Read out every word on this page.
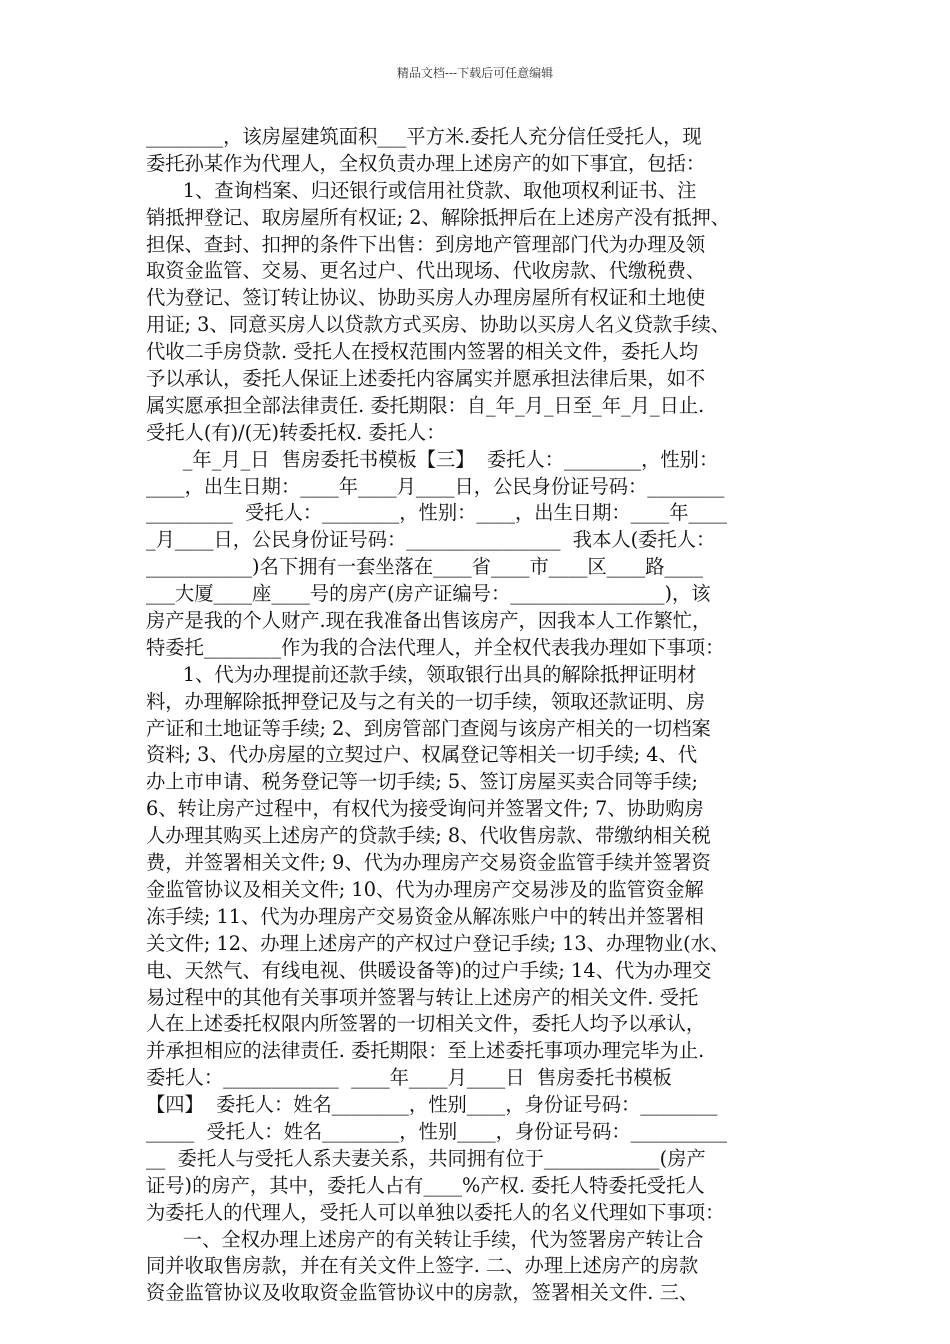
精品文档---下载后可任意编辑
________，该房屋建筑面积___平方米.委托人充分信任受托人，现
委托孙某作为代理人，全权负责办理上述房产的如下事宜，包括：
1、查询档案、归还银行或信用社贷款、取他项权利证书、注
销抵押登记、取房屋所有权证; 2、解除抵押后在上述房产没有抵押、
担保、查封、扣押的条件下出售：到房地产管理部门代为办理及领
取资金监管、交易、更名过户、代出现场、代收房款、代缴税费、
代为登记、签订转让协议、协助买房人办理房屋所有权证和土地使
用证; 3、同意买房人以贷款方式买房、协助以买房人名义贷款手续、
代收二手房贷款. 受托人在授权范围内签署的相关文件，委托人均
予以承认，委托人保证上述委托内容属实并愿承担法律后果，如不
属实愿承担全部法律责任. 委托期限：自_年_月_日至_年_月_日止.
受托人(有)/(无)转委托权. 委托人：
_年_月_日  售房委托书模板【三】  委托人：________，性别：
____，出生日期：____年____月____日，公民身份证号码：________
_________  受托人：________，性别：____，出生日期：____年____
_月____日，公民身份证号码：________________  我本人(委托人：
___________)名下拥有一套坐落在____省____市____区____路____
___大厦____座____号的房产(房产证编号：________________)，该
房产是我的个人财产.现在我准备出售该房产，因我本人工作繁忙，
特委托________作为我的合法代理人，并全权代表我办理如下事项：
1、代为办理提前还款手续，领取银行出具的解除抵押证明材
料，办理解除抵押登记及与之有关的一切手续，领取还款证明、房
产证和土地证等手续; 2、到房管部门查阅与该房产相关的一切档案
资料; 3、代办房屋的立契过户、权属登记等相关一切手续; 4、代
办上市申请、税务登记等一切手续; 5、签订房屋买卖合同等手续;
6、转让房产过程中，有权代为接受询问并签署文件; 7、协助购房
人办理其购买上述房产的贷款手续; 8、代收售房款、带缴纳相关税
费，并签署相关文件; 9、代为办理房产交易资金监管手续并签署资
金监管协议及相关文件; 10、代为办理房产交易涉及的监管资金解
冻手续; 11、代为办理房产交易资金从解冻账户中的转出并签署相
关文件; 12、办理上述房产的产权过户登记手续; 13、办理物业(水、
电、天然气、有线电视、供暖设备等)的过户手续; 14、代为办理交
易过程中的其他有关事项并签署与转让上述房产的相关文件. 受托
人在上述委托权限内所签署的一切相关文件，委托人均予以承认，
并承担相应的法律责任. 委托期限：至上述委托事项办理完毕为止.
委托人：____________  ____年____月____日  售房委托书模板
【四】  委托人：姓名________，性别____，身份证号码：________
_____  受托人：姓名________，性别____，身份证号码：__________
__  委托人与受托人系夫妻关系，共同拥有位于____________(房产
证号)的房产，其中，委托人占有____%产权. 委托人特委托受托人
为委托人的代理人，受托人可以单独以委托人的名义代理如下事项：
一、全权办理上述房产的有关转让手续，代为签署房产转让合
同并收取售房款，并在有关文件上签字. 二、办理上述房产的房款
资金监管协议及收取资金监管协议中的房款，签署相关文件. 三、
